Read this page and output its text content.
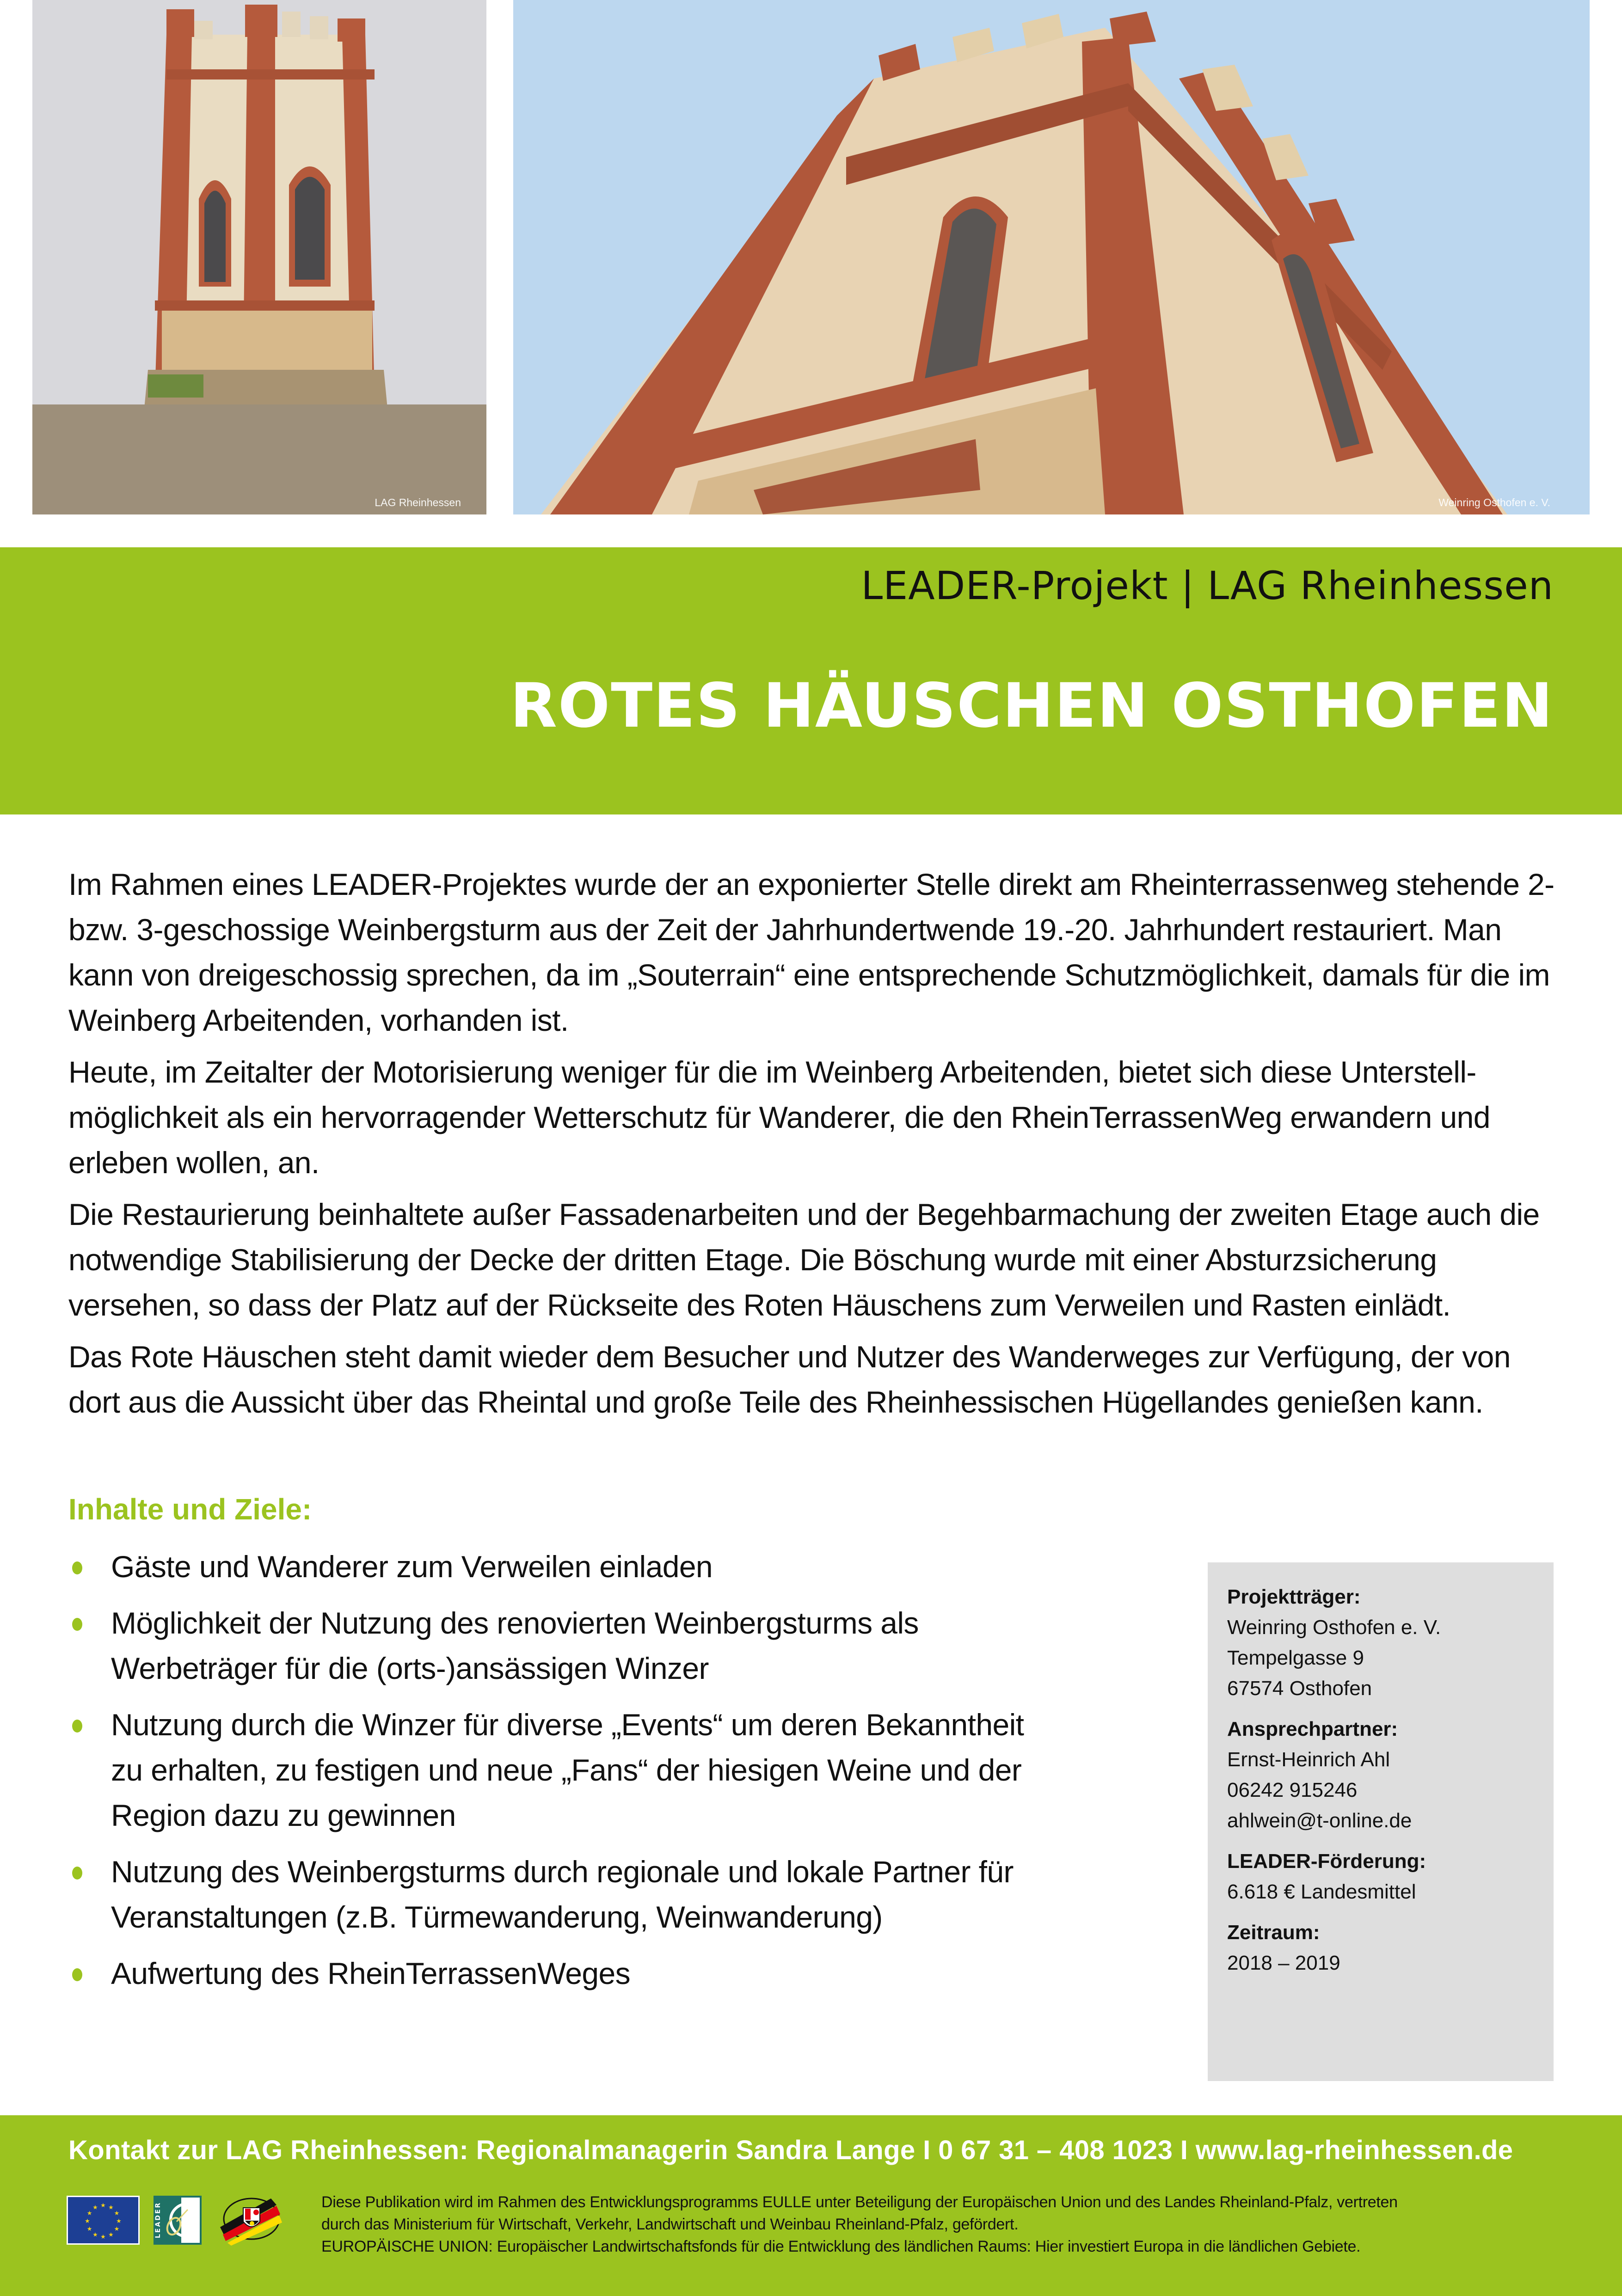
LAG Rheinhessen	Weinring Osthofen e. V.
LEADER-Projekt | LAG Rheinhessen
ROTES HÄUSCHEN OSTHOFEN

Im Rahmen eines LEADER-Projektes wurde der an exponierter Stelle direkt am Rheinterrassenweg stehende 2- bzw. 3-geschossige Weinbergsturm aus der Zeit der Jahrhundertwende 19.-20. Jahrhundert restauriert. Man kann von dreigeschossig sprechen, da im „Souterrain“ eine entsprechende Schutzmöglichkeit, damals für die im Weinberg Arbeitenden, vorhanden ist.

Heute, im Zeitalter der Motorisierung weniger für die im Weinberg Arbeitenden, bietet sich diese Unterstell-möglichkeit als ein hervorragender Wetterschutz für Wanderer, die den RheinTerrassenWeg erwandern und erleben wollen, an.

Die Restaurierung beinhaltete außer Fassadenarbeiten und der Begehbarmachung der zweiten Etage auch die notwendige Stabilisierung der Decke der dritten Etage. Die Böschung wurde mit einer Absturzsicherung versehen, so dass der Platz auf der Rückseite des Roten Häuschens zum Verweilen und Rasten einlädt.

Das Rote Häuschen steht damit wieder dem Besucher und Nutzer des Wanderweges zur Verfügung, der von dort aus die Aussicht über das Rheintal und große Teile des Rheinhessischen Hügellandes genießen kann.

Inhalte und Ziele:
Gäste und Wanderer zum Verweilen einladen
Möglichkeit der Nutzung des renovierten Weinbergsturms als Werbeträger für die (orts-)ansässigen Winzer
Nutzung durch die Winzer für diverse „Events“ um deren Bekanntheit zu erhalten, zu festigen und neue „Fans“ der hiesigen Weine und der Region dazu zu gewinnen
Nutzung des Weinbergsturms durch regionale und lokale Partner für Veranstaltungen (z.B. Türmewanderung, Weinwanderung)
Aufwertung des RheinTerrassenWeges
Projektträger:
Weinring Osthofen e. V.
Tempelgasse 9
67574 Osthofen
Ansprechpartner:
Ernst-Heinrich Ahl
06242 915246
ahlwein@t-online.de
LEADER-Förderung:
6.618 € Landesmittel
Zeitraum:
2018 – 2019
Kontakt zur LAG Rheinhessen: Regionalmanagerin Sandra Lange I 0 67 31 – 408 1023 I www.lag-rheinhessen.de
★ ★
★
★
★
★
★
★
★
★
★
★	LEADER	Diese Publikation wird im Rahmen des Entwicklungsprogramms EULLE unter Beteiligung der Europäischen Union und des Landes Rheinland-Pfalz, vertreten
durch das Ministerium für Wirtschaft, Verkehr, Landwirtschaft und Weinbau Rheinland-Pfalz, gefördert.
EUROPÄISCHE UNION: Europäischer Landwirtschaftsfonds für die Entwicklung des ländlichen Raums: Hier investiert Europa in die ländlichen Gebiete.
